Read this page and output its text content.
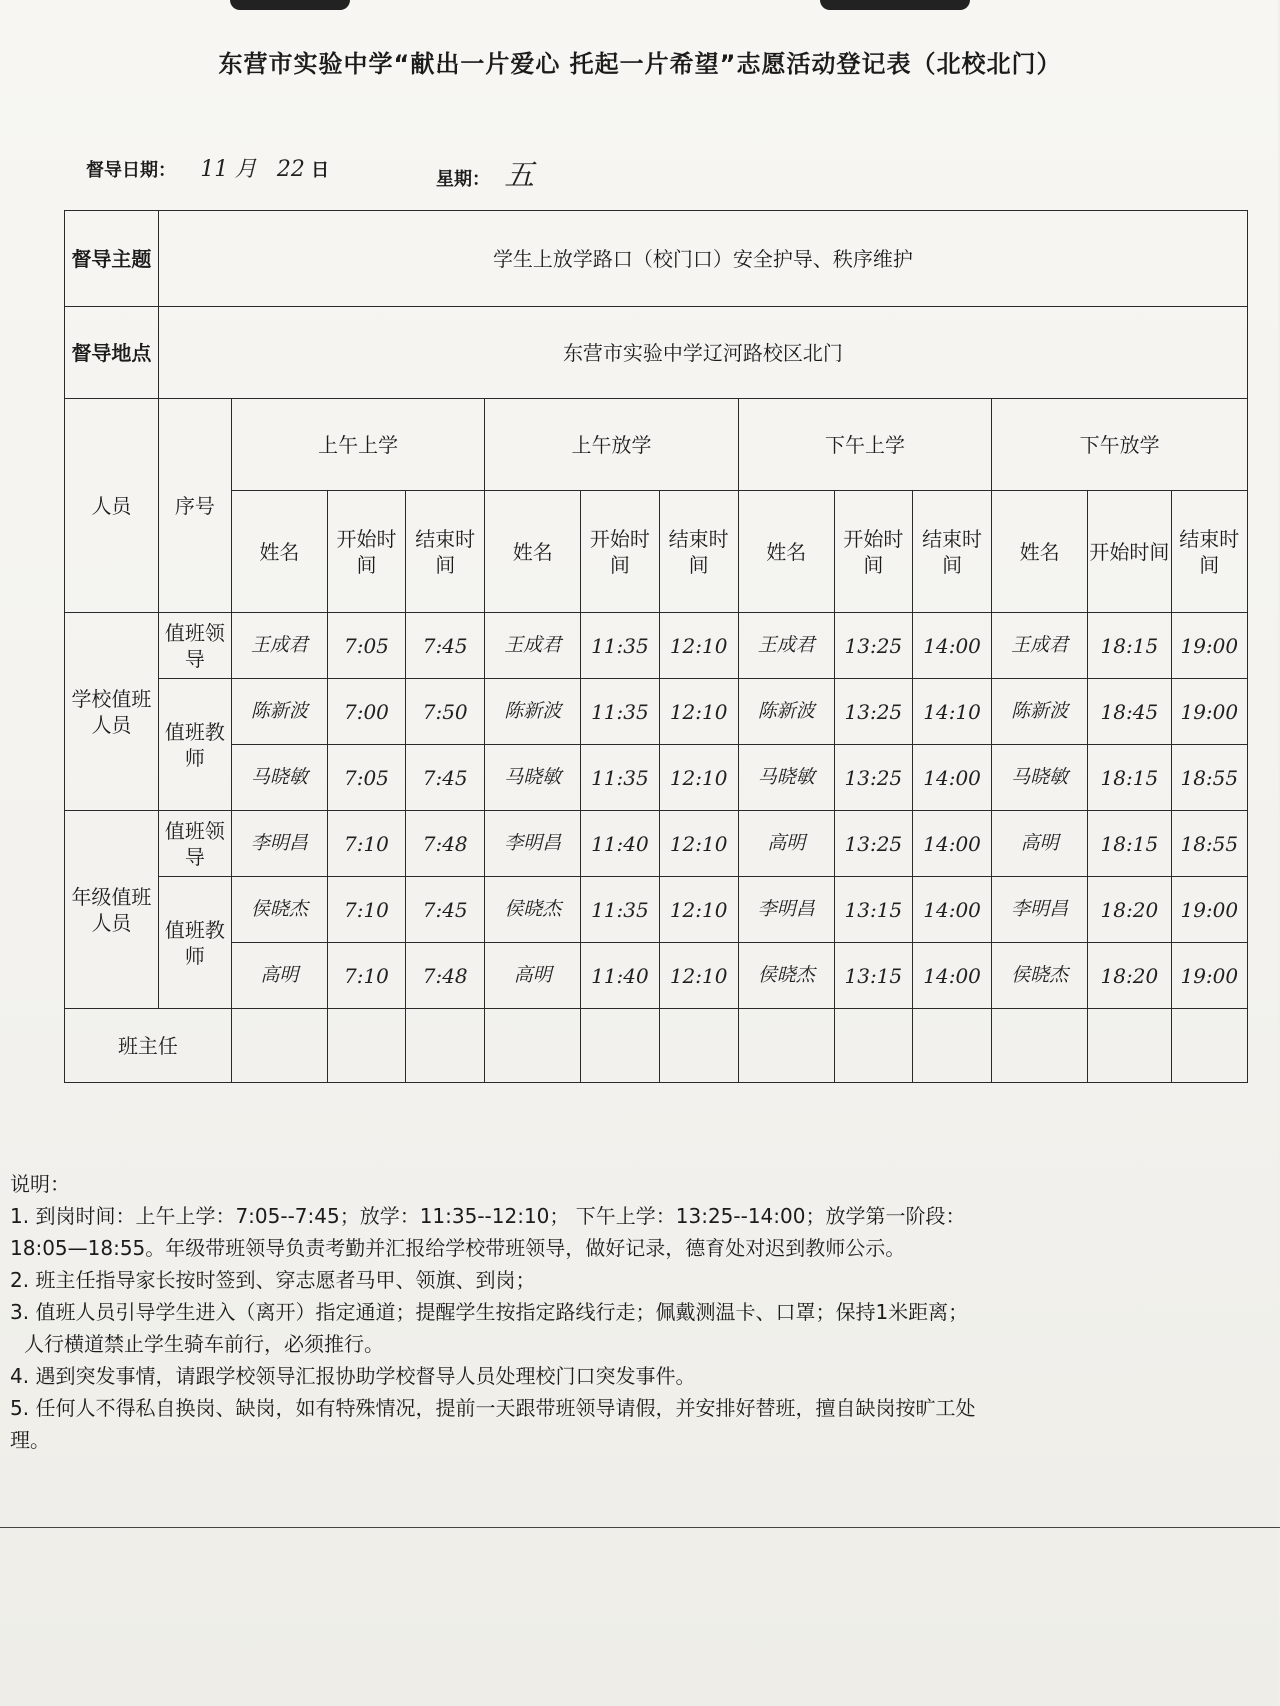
东营市实验中学“献出一片爱心 托起一片希望”志愿活动登记表（北校北门）
督导日期： 11 月 22 日	星期： 五
督导主题	学生上放学路口（校门口）安全护导、秩序维护												
督导地点	东营市实验中学辽河路校区北门												
人员	序号	上午上学			上午放学			下午上学			下午放学		
		姓名	开始时间	结束时间	姓名	开始时间	结束时间	姓名	开始时间	结束时间	姓名	开始时间	结束时间
学校值班人员	值班领导	王成君	7:05	7:45	王成君	11:35	12:10	王成君	13:25	14:00	王成君	18:15	19:00
	值班教师	陈新波	7:00	7:50	陈新波	11:35	12:10	陈新波	13:25	14:10	陈新波	18:45	19:00
		马晓敏	7:05	7:45	马晓敏	11:35	12:10	马晓敏	13:25	14:00	马晓敏	18:15	18:55
年级值班人员	值班领导	李明昌	7:10	7:48	李明昌	11:40	12:10	高明	13:25	14:00	高明	18:15	18:55
	值班教师	侯晓杰	7:10	7:45	侯晓杰	11:35	12:10	李明昌	13:15	14:00	李明昌	18:20	19:00
		高明	7:10	7:48	高明	11:40	12:10	侯晓杰	13:15	14:00	侯晓杰	18:20	19:00
班主任													

说明：

1. 到岗时间：上午上学：7:05--7:45；放学：11:35--12:10； 下午上学：13:25--14:00；放学第一阶段：

18:05—18:55。年级带班领导负责考勤并汇报给学校带班领导，做好记录，德育处对迟到教师公示。

2. 班主任指导家长按时签到、穿志愿者马甲、领旗、到岗；

3. 值班人员引导学生进入（离开）指定通道；提醒学生按指定路线行走；佩戴测温卡、口罩；保持1米距离；

人行横道禁止学生骑车前行，必须推行。

4. 遇到突发事情，请跟学校领导汇报协助学校督导人员处理校门口突发事件。

5. 任何人不得私自换岗、缺岗，如有特殊情况，提前一天跟带班领导请假，并安排好替班，擅自缺岗按旷工处

理。
